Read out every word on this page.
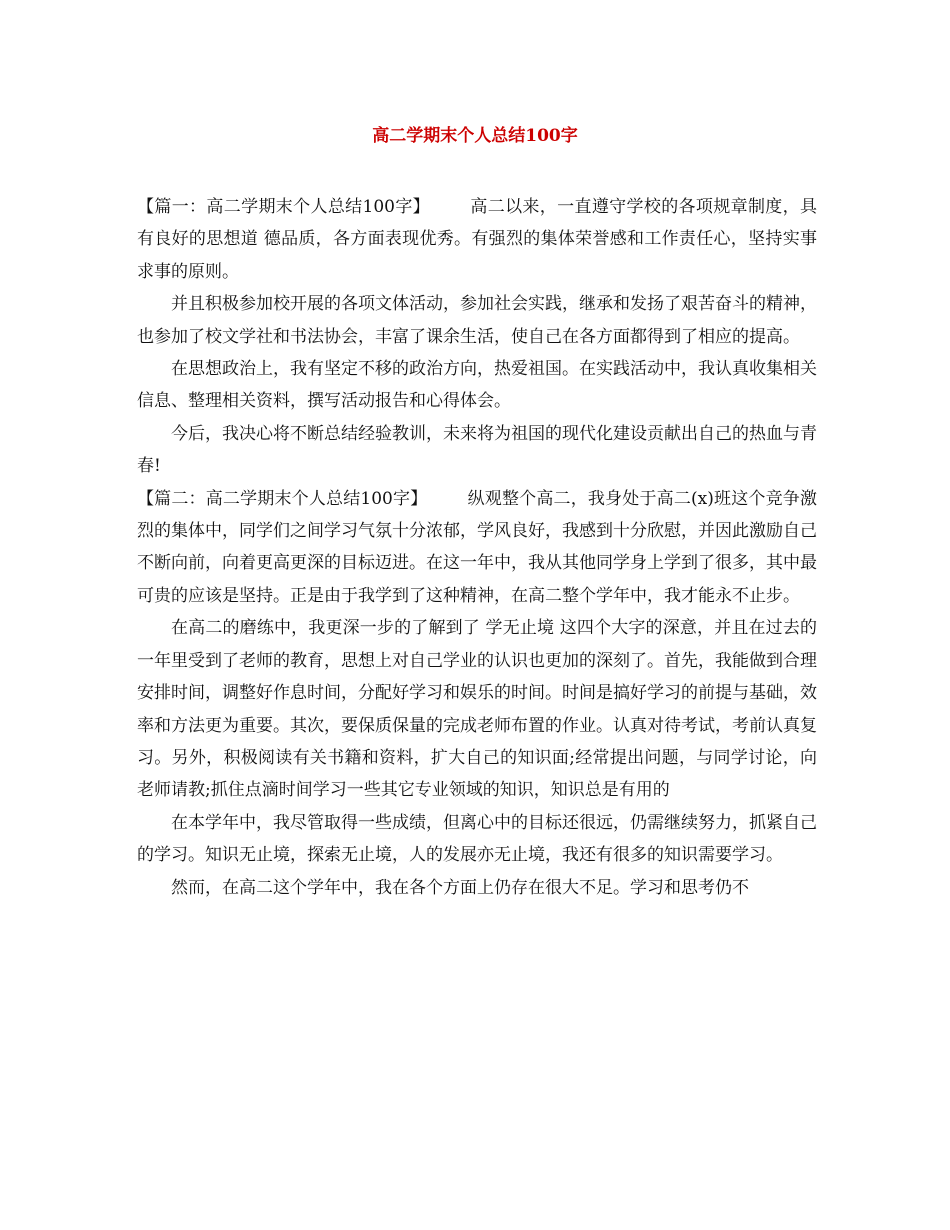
高二学期末个人总结100字

【篇一：高二学期末个人总结100字】 高二以来，一直遵守学校的各项规章制度，具有良好的思想道 德品质，各方面表现优秀。有强烈的集体荣誉感和工作责任心，坚持实事求事的原则。

并且积极参加校开展的各项文体活动，参加社会实践，继承和发扬了艰苦奋斗的精神，也参加了校文学社和书法协会，丰富了课余生活，使自己在各方面都得到了相应的提高。

在思想政治上，我有坚定不移的政治方向，热爱祖国。在实践活动中，我认真收集相关信息、整理相关资料，撰写活动报告和心得体会。

今后，我决心将不断总结经验教训，未来将为祖国的现代化建设贡献出自己的热血与青春!

【篇二：高二学期末个人总结100字】 纵观整个高二，我身处于高二(x)班这个竞争激烈的集体中，同学们之间学习气氛十分浓郁，学风良好，我感到十分欣慰，并因此激励自己不断向前，向着更高更深的目标迈进。在这一年中，我从其他同学身上学到了很多，其中最可贵的应该是坚持。正是由于我学到了这种精神，在高二整个学年中，我才能永不止步。

在高二的磨练中，我更深一步的了解到了 学无止境 这四个大字的深意，并且在过去的一年里受到了老师的教育，思想上对自己学业的认识也更加的深刻了。首先，我能做到合理安排时间，调整好作息时间，分配好学习和娱乐的时间。时间是搞好学习的前提与基础，效率和方法更为重要。其次，要保质保量的完成老师布置的作业。认真对待考试，考前认真复习。另外，积极阅读有关书籍和资料，扩大自己的知识面;经常提出问题，与同学讨论，向老师请教;抓住点滴时间学习一些其它专业领域的知识，知识总是有用的

在本学年中，我尽管取得一些成绩，但离心中的目标还很远，仍需继续努力，抓紧自己的学习。知识无止境，探索无止境，人的发展亦无止境，我还有很多的知识需要学习。

然而，在高二这个学年中，我在各个方面上仍存在很大不足。学习和思考仍不
